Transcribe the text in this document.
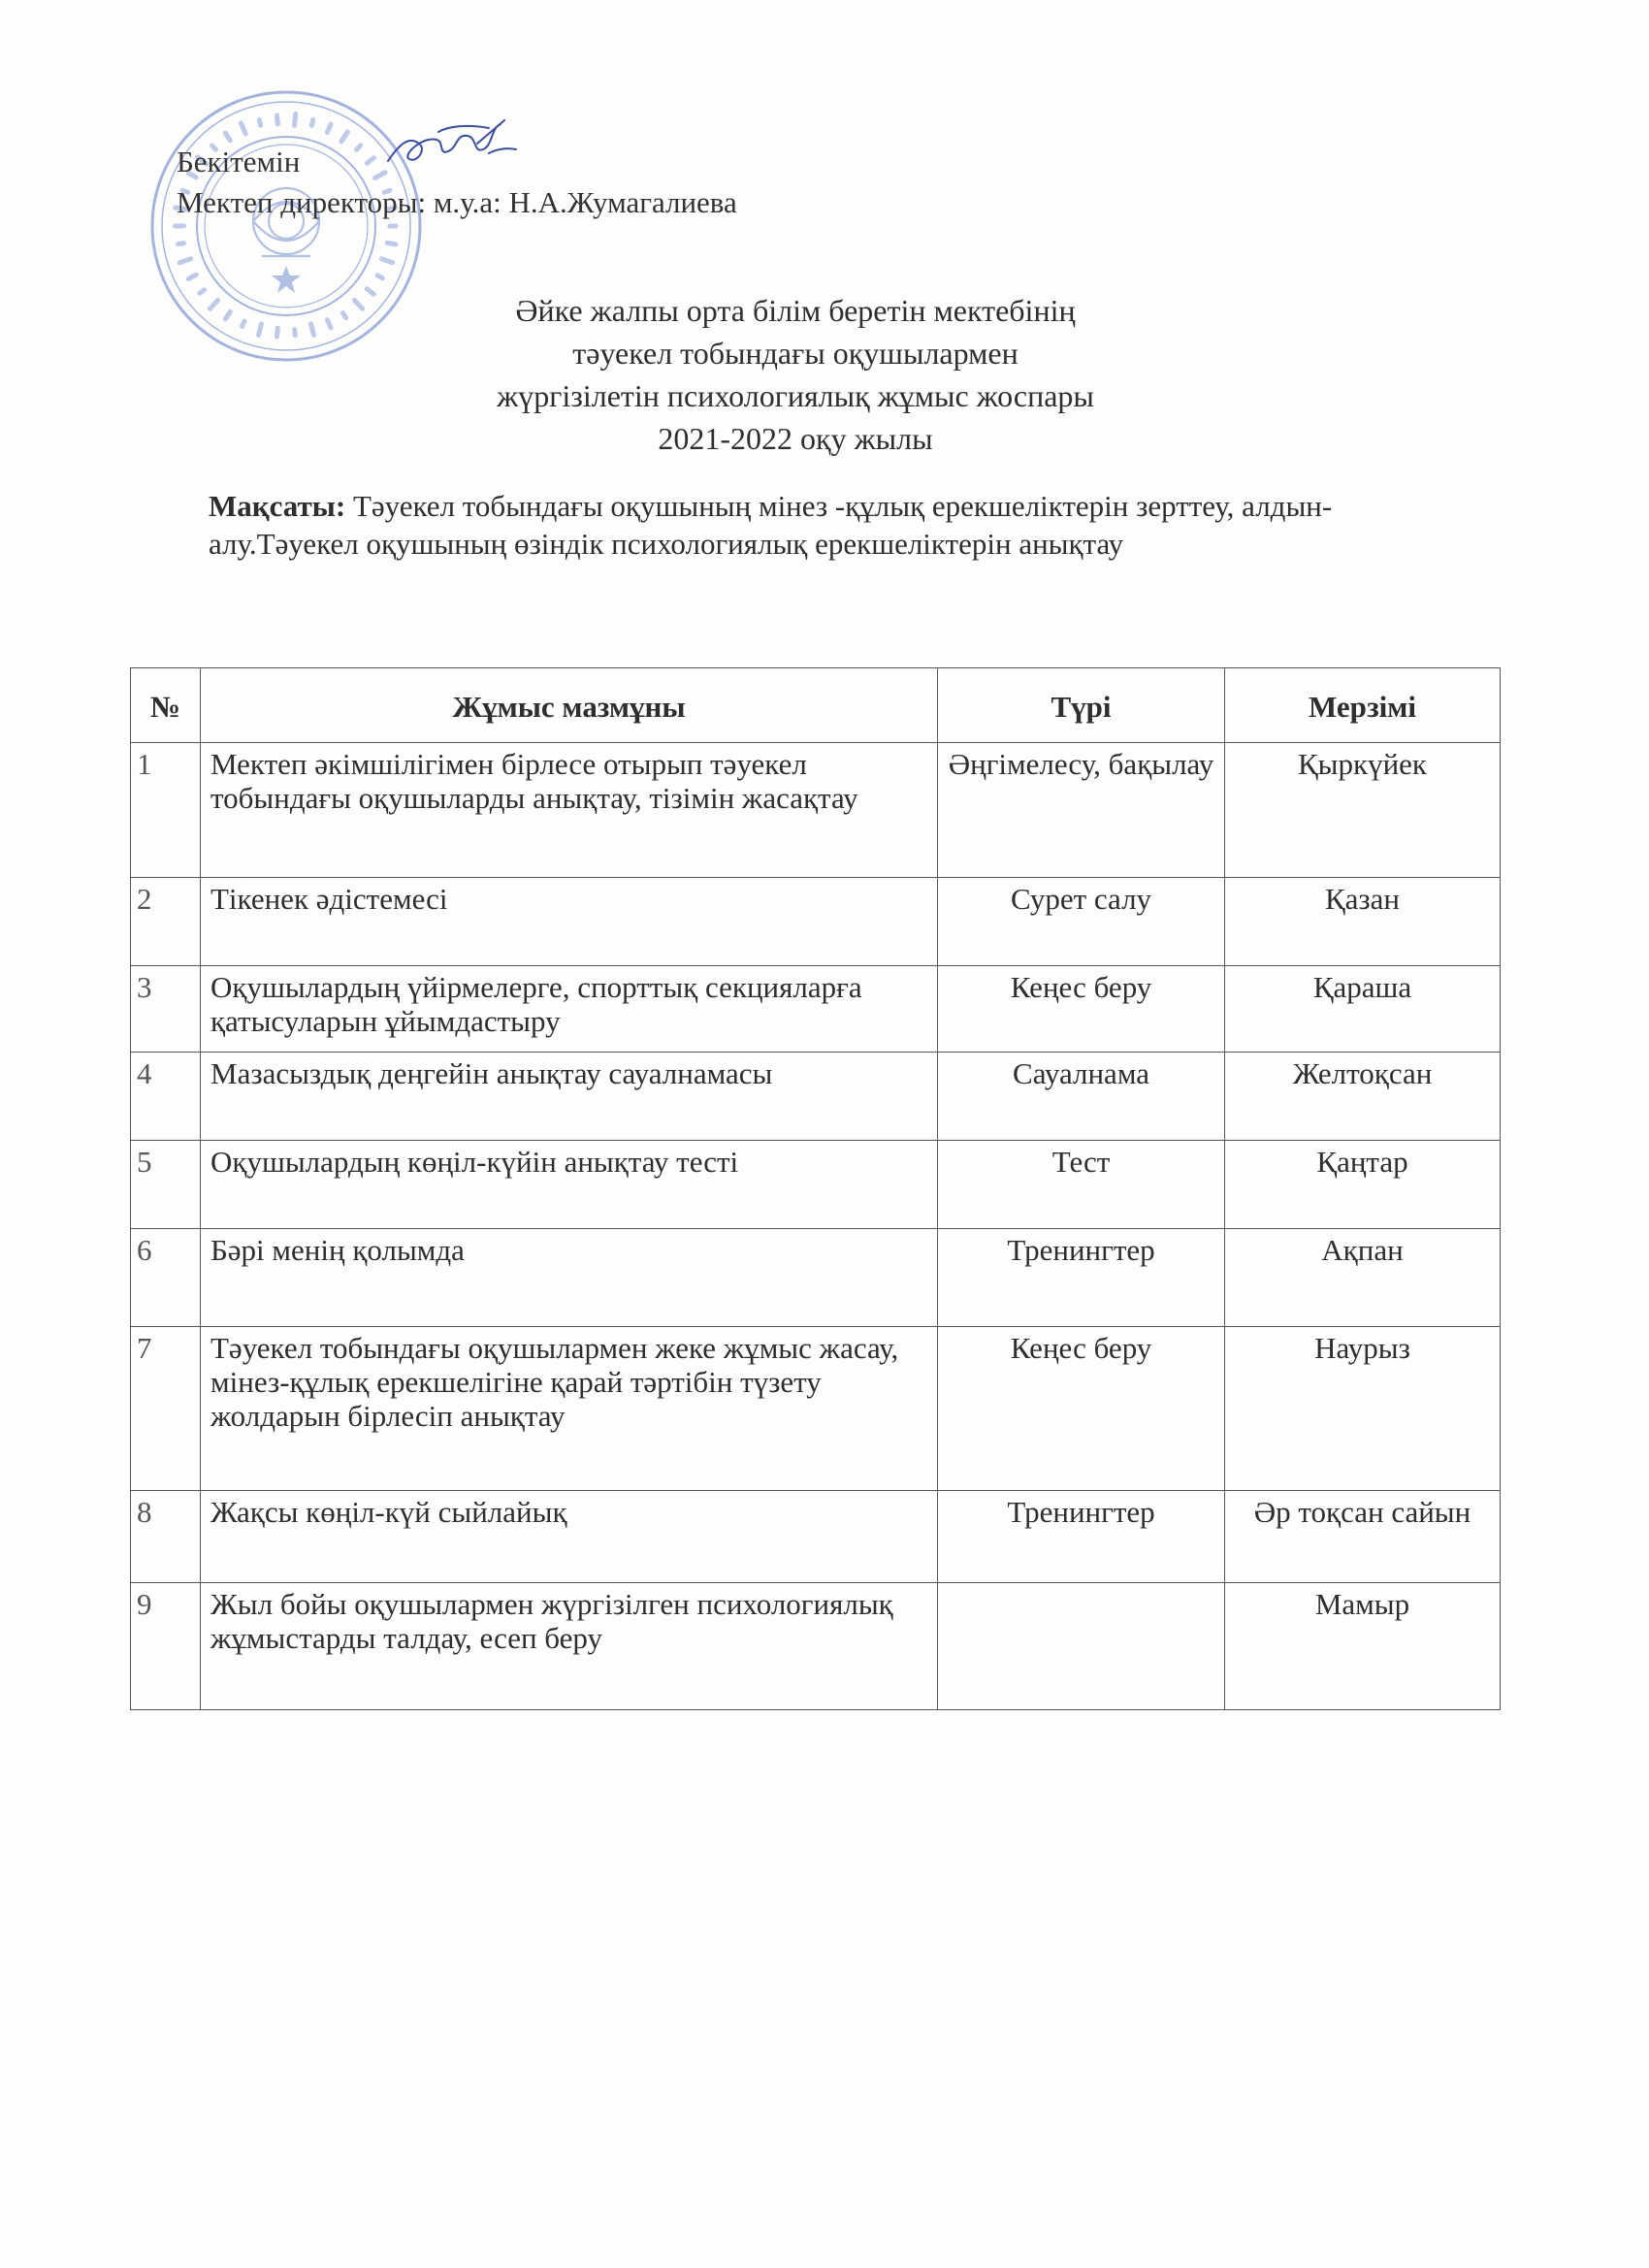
Бекітемін
Мектеп директоры: м.у.а: Н.А.Жумагалиева
Әйке жалпы орта білім беретін мектебінің
тәуекел тобындағы оқушылармен
жүргізілетін психологиялық жұмыс жоспары
2021-2022 оқу жылы
Мақсаты: Тәуекел тобындағы оқушының мінез -құлық ерекшеліктерін зерттеу, алдын-алу.Тәуекел оқушының өзіндік психологиялық ерекшеліктерін анықтау
№	Жұмыс мазмұны	Түрі	Мерзімі
1	Мектеп әкімшілігімен бірлесе отырып тәуекел тобындағы оқушыларды анықтау, тізімін жасақтау	Әңгімелесу, бақылау	Қыркүйек
2	Тікенек әдістемесі	Сурет салу	Қазан
3	Оқушылардың үйірмелерге, спорттық секцияларға қатысуларын ұйымдастыру	Кеңес беру	Қараша
4	Мазасыздық деңгейін анықтау сауалнамасы	Сауалнама	Желтоқсан
5	Оқушылардың көңіл-күйін анықтау тесті	Тест	Қаңтар
6	Бәрі менің қолымда	Тренингтер	Ақпан
7	Тәуекел тобындағы оқушылармен жеке жұмыс жасау, мінез-құлық ерекшелігіне қарай тәртібін түзету жолдарын бірлесіп анықтау	Кеңес беру	Наурыз
8	Жақсы көңіл-күй сыйлайық	Тренингтер	Әр тоқсан сайын
9	Жыл бойы оқушылармен жүргізілген психологиялық жұмыстарды талдау, есеп беру		Мамыр
